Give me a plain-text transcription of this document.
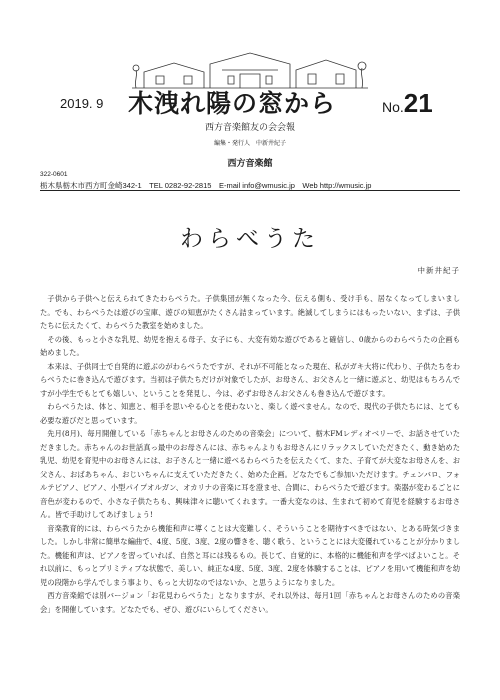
2019. 9 木洩れ陽の窓から	No.21
西方音楽館友の会会報
編集・発行人　中新井紀子
西方音楽館
322-0601
栃木県栃木市西方町金崎342-1　TEL 0282-92-2815　E-mail info@wmusic.jp　Web http://wmusic.jp
わらべうた
中新井紀子

子供から子供へと伝えられてきたわらべうた。子供集団が無くなった今、伝える側も、受け手も、居なくなってしまいました。でも、わらべうたは遊びの宝庫、遊びの知恵がたくさん詰まっています。絶滅してしまうにはもったいない、まずは、子供たちに伝えたくて、わらべうた教室を始めました。

その後、もっと小さな乳児、幼児を抱える母子、女子にも、大変有効な遊びであると確信し、0歳からのわらべうたの企画も始めました。

本来は、子供同士で自発的に遊ぶのがわらべうたですが、それが不可能となった現在、私がガキ大将に代わり、子供たちをわらべうたに巻き込んで遊びます。当初は子供たちだけが対象でしたが、お母さん、お父さんと一緒に遊ぶと、幼児はもちろんですが小学生でもとても嬉しい、ということを発見し、今は、必ずお母さんお父さんも巻き込んで遊びます。

わらべうたは、体と、知恵と、相手を思いやる心とを使わないと、楽しく遊べません。なので、現代の子供たちには、とても必要な遊びだと思っています。

先月(8月)、毎月開催している「赤ちゃんとお母さんのための音楽会」について、栃木FMレディオベリーで、お話させていただきました。赤ちゃんのお世話真っ最中のお母さんには、赤ちゃんよりもお母さんにリラックスしていただきたく、動き始めた乳児、幼児を育児中のお母さんには、お子さんと一緒に遊べるわらべうたを伝えたくて、また、子育てが大変なお母さんを、お父さん、おばあちゃん、おじいちゃんに支えていただきたく、始めた企画。どなたでもご参加いただけます。チェンバロ、フォルテピアノ、ピアノ、小型パイプオルガン、オカリナの音楽に耳を澄ませ、合間に、わらべうたで遊びます。楽器が変わるごとに音色が変わるので、小さな子供たちも、興味津々に聴いてくれます。一番大変なのは、生まれて初めて育児を経験するお母さん。皆で手助けしてあげましょう!

音楽教育的には、わらべうたから機能和声に導くことは大変難しく、そういうことを期待すべきではない、とある時気づきました。しかし非常に簡単な編曲で、4度、5度、3度、2度の響きを、聴く歌う、ということには大変優れていることが分かりました。機能和声は、ピアノを習っていれば、自然と耳には残るもの。長じて、自覚的に、本格的に機能和声を学べばよいこと。それ以前に、もっとプリミティブな状態で、美しい、純正な4度、5度、3度、2度を体験することは、ピアノを用いて機能和声を幼児の段階から学んでしまう事より、もっと大切なのではないか、と思うようになりました。

西方音楽館では別バージョン「お花見わらべうた」となりますが、それ以外は、毎月1回「赤ちゃんとお母さんのための音楽会」を開催しています。どなたでも、ぜひ、遊びにいらしてください。
